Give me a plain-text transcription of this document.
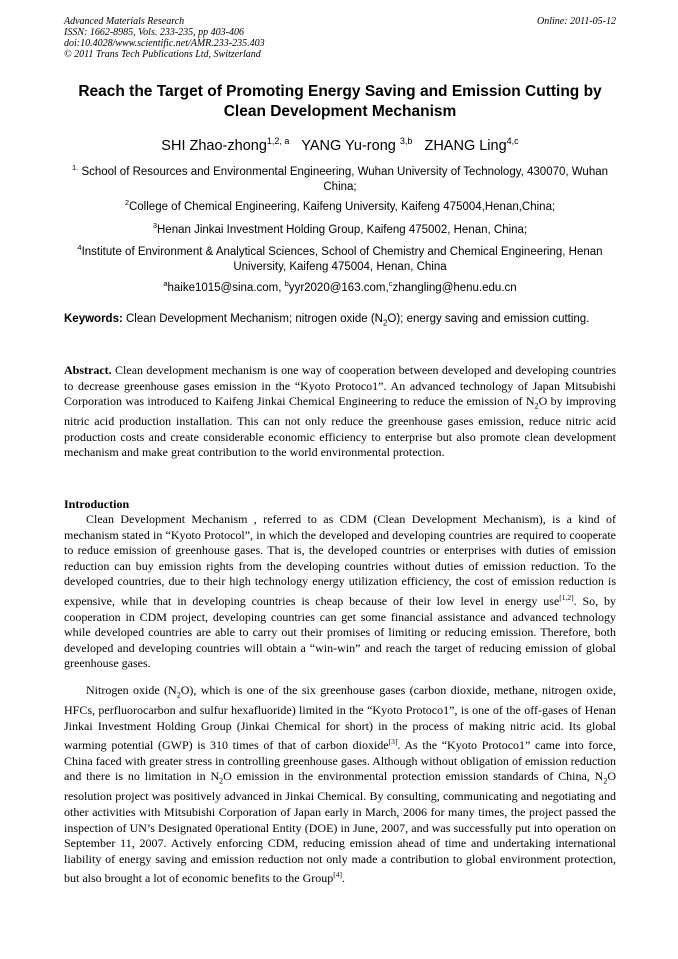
Advanced Materials Research
ISSN: 1662-8985, Vols. 233-235, pp 403-406
doi:10.4028/www.scientific.net/AMR.233-235.403
© 2011 Trans Tech Publications Ltd, Switzerland
Online: 2011-05-12
Reach the Target of Promoting Energy Saving and Emission Cutting by Clean Development Mechanism
SHI Zhao-zhong$^{1,2, a}$ YANG Yu-rong $^{3,b}$ ZHANG Ling$^{4,c}$
$^{1.}$ School of Resources and Environmental Engineering, Wuhan University of Technology, 430070, Wuhan China;
$^2$College of Chemical Engineering, Kaifeng University, Kaifeng 475004,Henan,China;
$^3$Henan Jinkai Investment Holding Group, Kaifeng 475002, Henan, China;
$^4$Institute of Environment & Analytical Sciences, School of Chemistry and Chemical Engineering, Henan University, Kaifeng 475004, Henan, China
$^a$haike1015@sina.com, $^b$yyr2020@163.com,$^c$zhangling@henu.edu.cn
Keywords: Clean Development Mechanism; nitrogen oxide $(N_2O)$; energy saving and emission cutting.
Abstract. Clean development mechanism is one way of cooperation between developed and developing countries to decrease greenhouse gases emission in the “Kyoto Protoco1”. An advanced technology of Japan Mitsubishi Corporation was introduced to Kaifeng Jinkai Chemical Engineering to reduce the emission of $N_2O$ by improving nitric acid production installation. This can not only reduce the greenhouse gases emission, reduce nitric acid production costs and create considerable economic efficiency to enterprise but also promote clean development mechanism and make great contribution to the world environmental protection.
Introduction
Clean Development Mechanism , referred to as CDM (Clean Development Mechanism), is a kind of mechanism stated in “Kyoto Protocol”, in which the developed and developing countries are required to cooperate to reduce emission of greenhouse gases. That is, the developed countries or enterprises with duties of emission reduction can buy emission rights from the developing countries without duties of emission reduction. To the developed countries, due to their high technology energy utilization efficiency, the cost of emission reduction is expensive, while that in developing countries is cheap because of their low level in energy use[1,2]. So, by cooperation in CDM project, developing countries can get some financial assistance and advanced technology while developed countries are able to carry out their promises of limiting or reducing emission. Therefore, both developed and developing countries will obtain a “win-win” and reach the target of reducing emission of global greenhouse gases.
Nitrogen oxide $(N_2O)$, which is one of the six greenhouse gases (carbon dioxide, methane, nitrogen oxide, HFCs, perfluorocarbon and sulfur hexafluoride) limited in the “Kyoto Protoco1”, is one of the off-gases of Henan Jinkai Investment Holding Group (Jinkai Chemical for short) in the process of making nitric acid. Its global warming potential (GWP) is 310 times of that of carbon dioxide[3]. As the “Kyoto Protoco1” came into force, China faced with greater stress in controlling greenhouse gases. Although without obligation of emission reduction and there is no limitation in $N_2O$ emission in the environmental protection emission standards of China, $N_2O$ resolution project was positively advanced in Jinkai Chemical. By consulting, communicating and negotiating and other activities with Mitsubishi Corporation of Japan early in March, 2006 for many times, the project passed the inspection of UN’s Designated 0perational Entity (DOE) in June, 2007, and was successfully put into operation on September 11, 2007. Actively enforcing CDM, reducing emission ahead of time and undertaking international liability of energy saving and emission reduction not only made a contribution to global environment protection, but also brought a lot of economic benefits to the Group[4].
